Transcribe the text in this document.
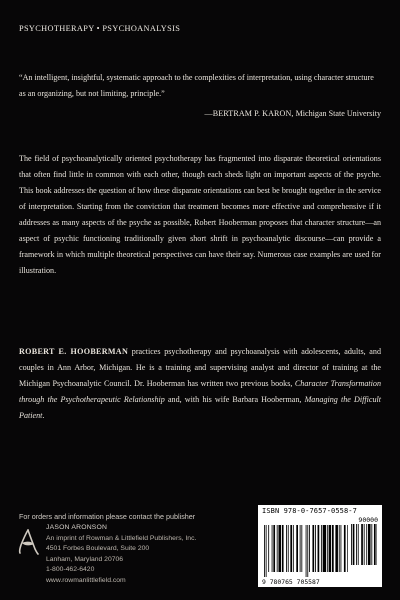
PSYCHOTHERAPY • PSYCHOANALYSIS

“An intelligent, insightful, systematic approach to the complexities of interpretation, using character structure as an organizing, but not limiting, principle.”

—BERTRAM P. KARON, Michigan State University

The field of psychoanalytically oriented psychotherapy has fragmented into disparate theoretical orientations that often find little in common with each other, though each sheds light on important aspects of the psyche. This book addresses the question of how these disparate orientations can best be brought together in the service of interpretation. Starting from the conviction that treatment becomes more effective and comprehensive if it addresses as many aspects of the psyche as possible, Robert Hooberman proposes that character structure—an aspect of psychic functioning traditionally given short shrift in psychoanalytic discourse—can provide a framework in which multiple theoretical perspectives can have their say. Numerous case examples are used for illustration.

ROBERT E. HOOBERMAN practices psychotherapy and psychoanalysis with adolescents, adults, and couples in Ann Arbor, Michigan. He is a training and supervising analyst and director of training at the Michigan Psychoanalytic Council. Dr. Hooberman has written two previous books, Character Transformation through the Psychotherapeutic Relationship and, with his wife Barbara Hooberman, Managing the Difficult Patient.

For orders and information please contact the publisher
JASON ARONSON
An imprint of Rowman & Littlefield Publishers, Inc.
4501 Forbes Boulevard, Suite 200
Lanham, Maryland 20706
1-800-462-6420
www.rowmanlittlefield.com
ISBN 978-0-7657-0558-7
90000
9 780765 705587
